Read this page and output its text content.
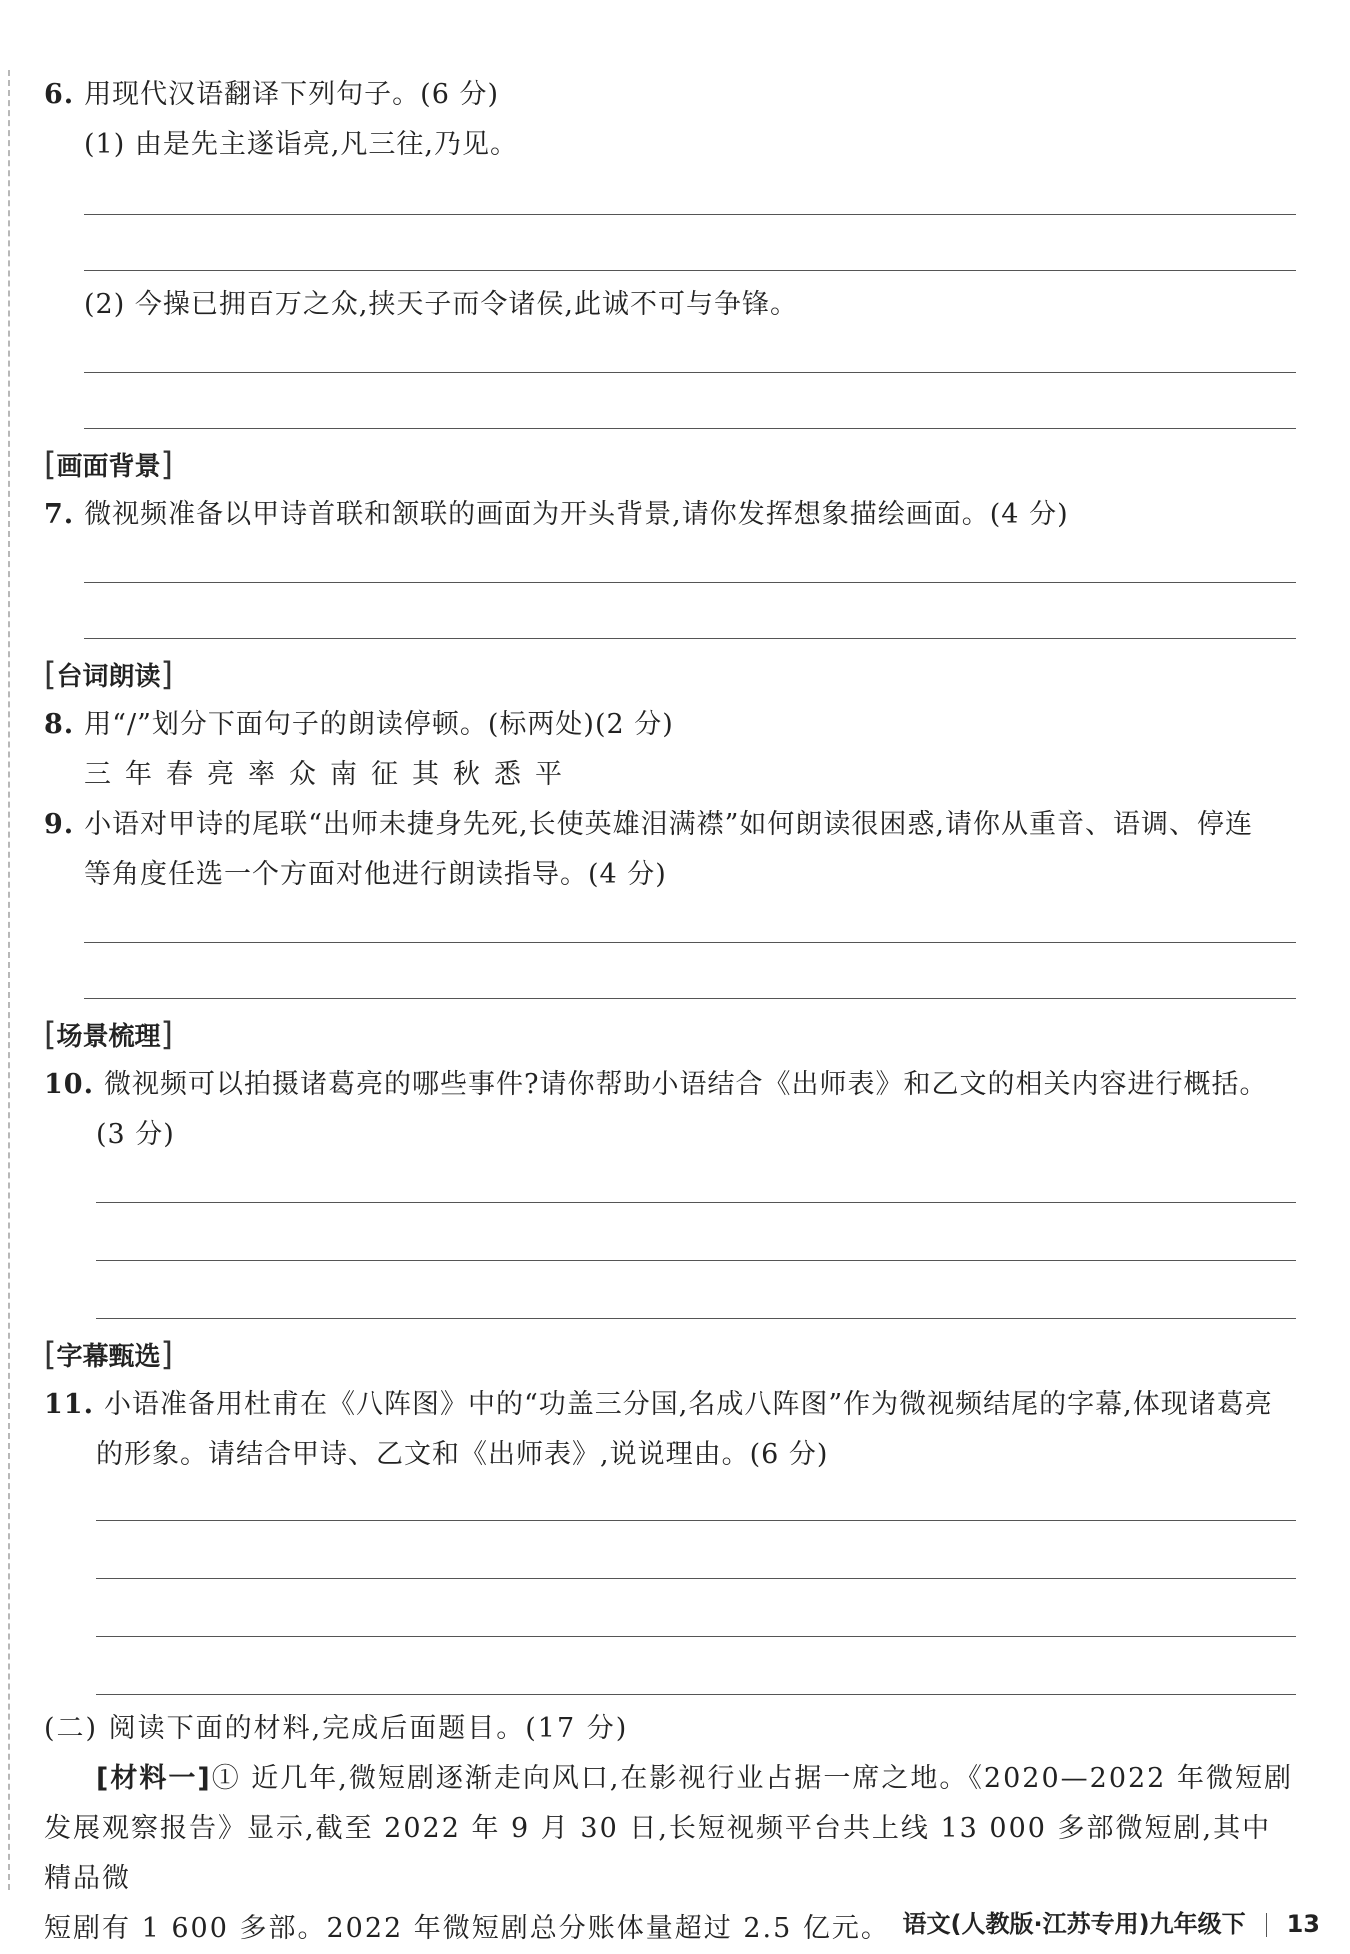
6. 用现代汉语翻译下列句子。(6 分)
(1) 由是先主遂诣亮,凡三往,乃见。
(2) 今操已拥百万之众,挟天子而令诸侯,此诚不可与争锋。
[画面背景]
7. 微视频准备以甲诗首联和颔联的画面为开头背景,请你发挥想象描绘画面。(4 分)
[台词朗读]
8. 用“/”划分下面句子的朗读停顿。(标两处)(2 分)
三年春亮率众南征其秋悉平
9. 小语对甲诗的尾联“出师未捷身先死,长使英雄泪满襟”如何朗读很困惑,请你从重音、语调、停连
等角度任选一个方面对他进行朗读指导。(4 分)
[场景梳理]
10. 微视频可以拍摄诸葛亮的哪些事件?请你帮助小语结合《出师表》和乙文的相关内容进行概括。
(3 分)
[字幕甄选]
11. 小语准备用杜甫在《八阵图》中的“功盖三分国,名成八阵图”作为微视频结尾的字幕,体现诸葛亮
的形象。请结合甲诗、乙文和《出师表》,说说理由。(6 分)
(二) 阅读下面的材料,完成后面题目。(17 分)
[材料一]① 近几年,微短剧逐渐走向风口,在影视行业占据一席之地。《2020—2022 年微短剧
发展观察报告》显示,截至 2022 年 9 月 30 日,长短视频平台共上线 13 000 多部微短剧,其中精品微
短剧有 1 600 多部。2022 年微短剧总分账体量超过 2.5 亿元。 语文(人教版·江苏专用)九年级下 13
